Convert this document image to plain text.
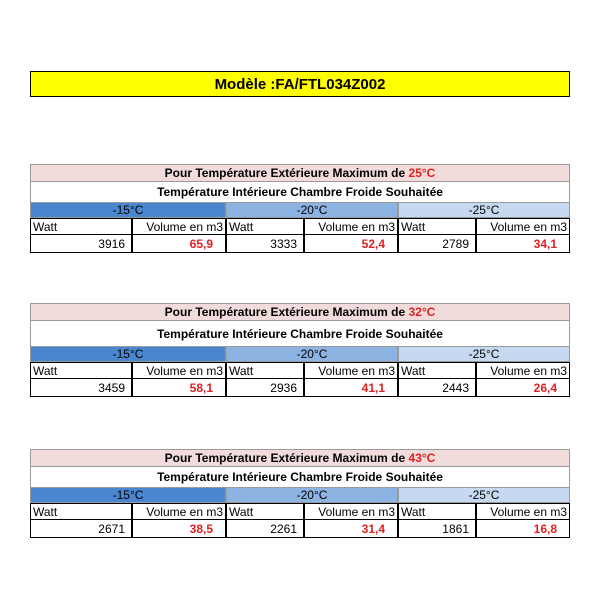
Modèle :FA/FTL034Z002
Pour Température Extérieure Maximum de
25°C
Température Intérieure Chambre Froide Souhaitée
-15°C	-20°C	-25°C
Watt	Volume en m3 Watt	Volume en m3 Watt	Volume en m3
3916	65,9	3333	52,4	2789	34,1
Pour Température Extérieure Maximum de
32°C
Température Intérieure Chambre Froide Souhaitée
-15°C	-20°C	-25°C
Watt	Volume en m3 Watt	Volume en m3 Watt	Volume en m3
3459	58,1	2936	41,1	2443	26,4
Pour Température Extérieure Maximum de
43°C
Température Intérieure Chambre Froide Souhaitée
-15°C	-20°C	-25°C
Watt	Volume en m3 Watt	Volume en m3 Watt	Volume en m3
2671	38,5	2261	31,4	1861	16,8
